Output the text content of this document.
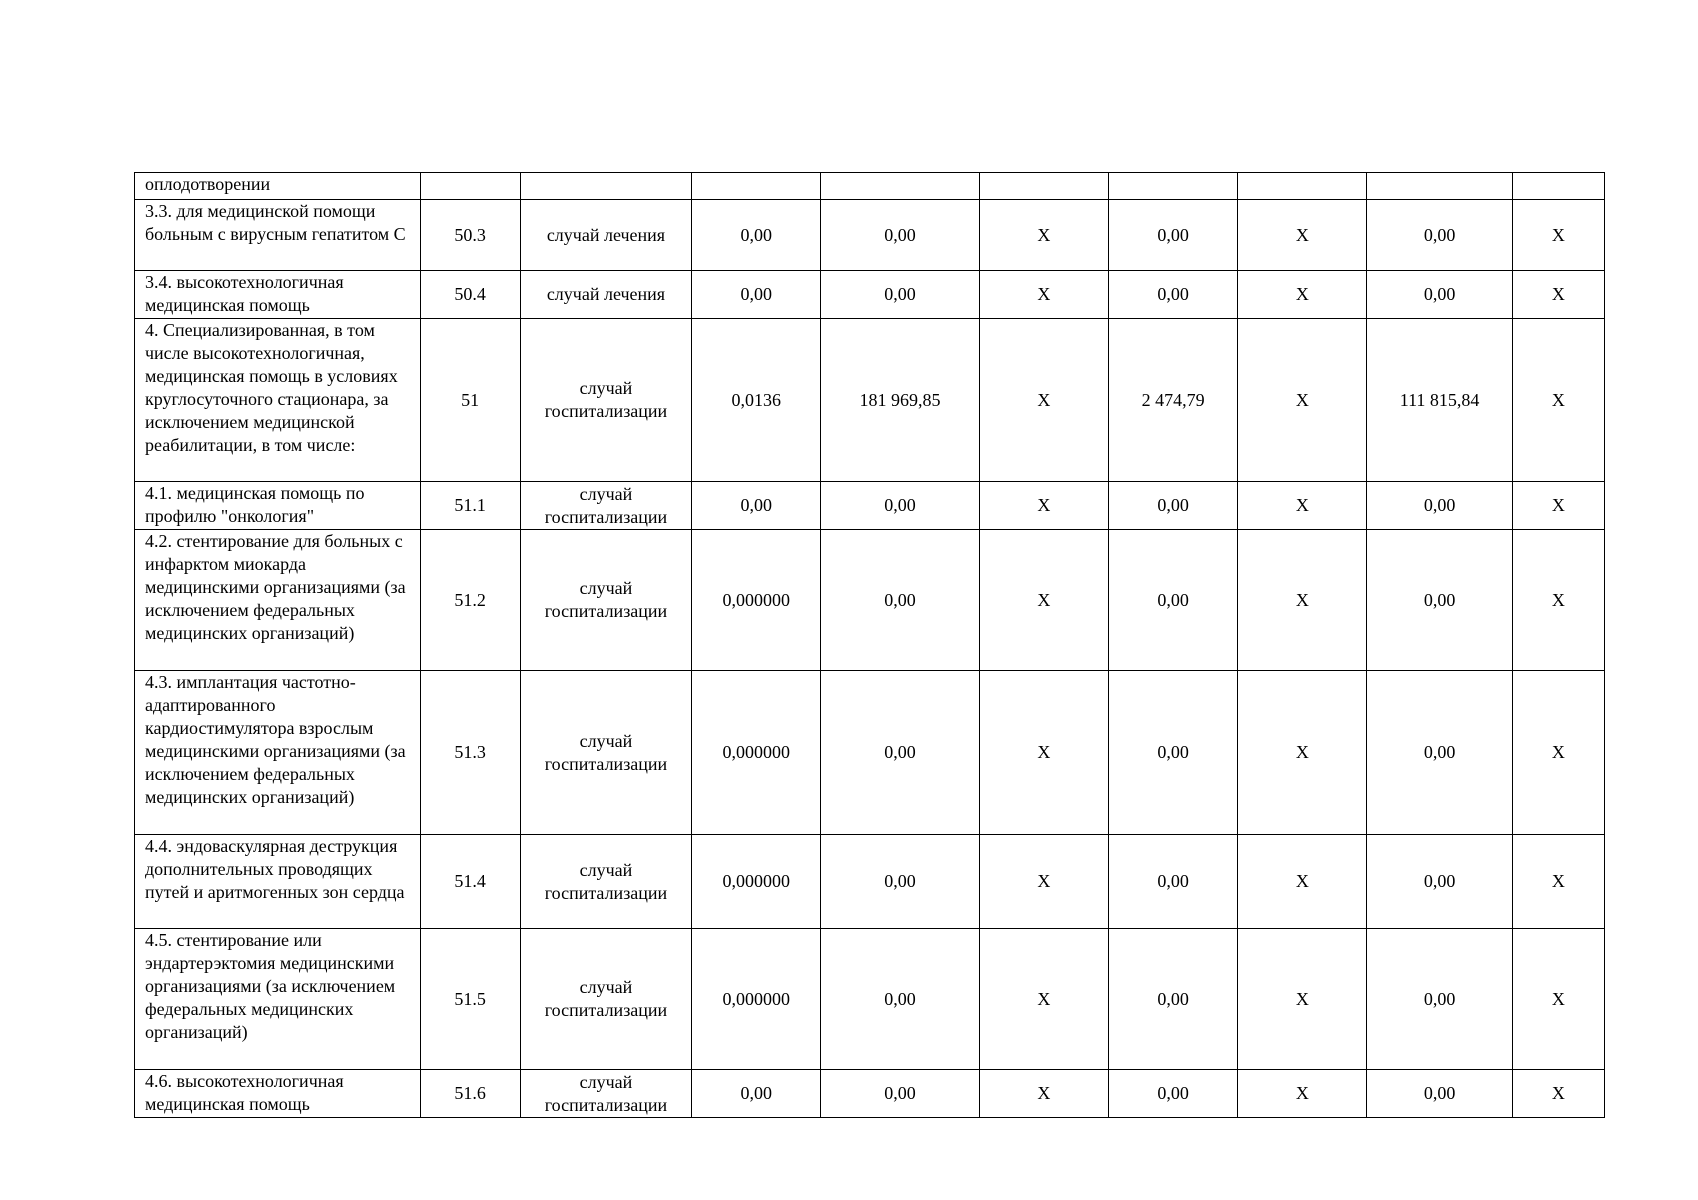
оплодотворении									
3.3. для медицинской помощи больным с вирусным гепатитом С	50.3	случай лечения	0,00	0,00	Х	0,00	Х	0,00	Х
3.4. высокотехнологичная медицинская помощь	50.4	случай лечения	0,00	0,00	Х	0,00	Х	0,00	Х
4. Специализированная, в том числе высокотехнологичная, медицинская помощь в условиях круглосуточного стационара, за исключением медицинской реабилитации, в том числе:	51	случай госпитализации	0,0136	181 969,85	Х	2 474,79	Х	111 815,84	Х
4.1. медицинская помощь по профилю "онкология"	51.1	случай госпитализации	0,00	0,00	Х	0,00	Х	0,00	Х
4.2. стентирование для больных с инфарктом миокарда медицинскими организациями (за исключением федеральных медицинских организаций)	51.2	случай госпитализации	0,000000	0,00	Х	0,00	Х	0,00	Х
4.3. имплантация частотно-адаптированного кардиостимулятора взрослым медицинскими организациями (за исключением федеральных медицинских организаций)	51.3	случай госпитализации	0,000000	0,00	Х	0,00	Х	0,00	Х
4.4. эндоваскулярная деструкция дополнительных проводящих путей и аритмогенных зон сердца	51.4	случай госпитализации	0,000000	0,00	Х	0,00	Х	0,00	Х
4.5. стентирование или эндартерэктомия медицинскими организациями (за исключением федеральных медицинских организаций)	51.5	случай госпитализации	0,000000	0,00	Х	0,00	Х	0,00	Х
4.6. высокотехнологичная медицинская помощь	51.6	случай госпитализации	0,00	0,00	Х	0,00	Х	0,00	Х
